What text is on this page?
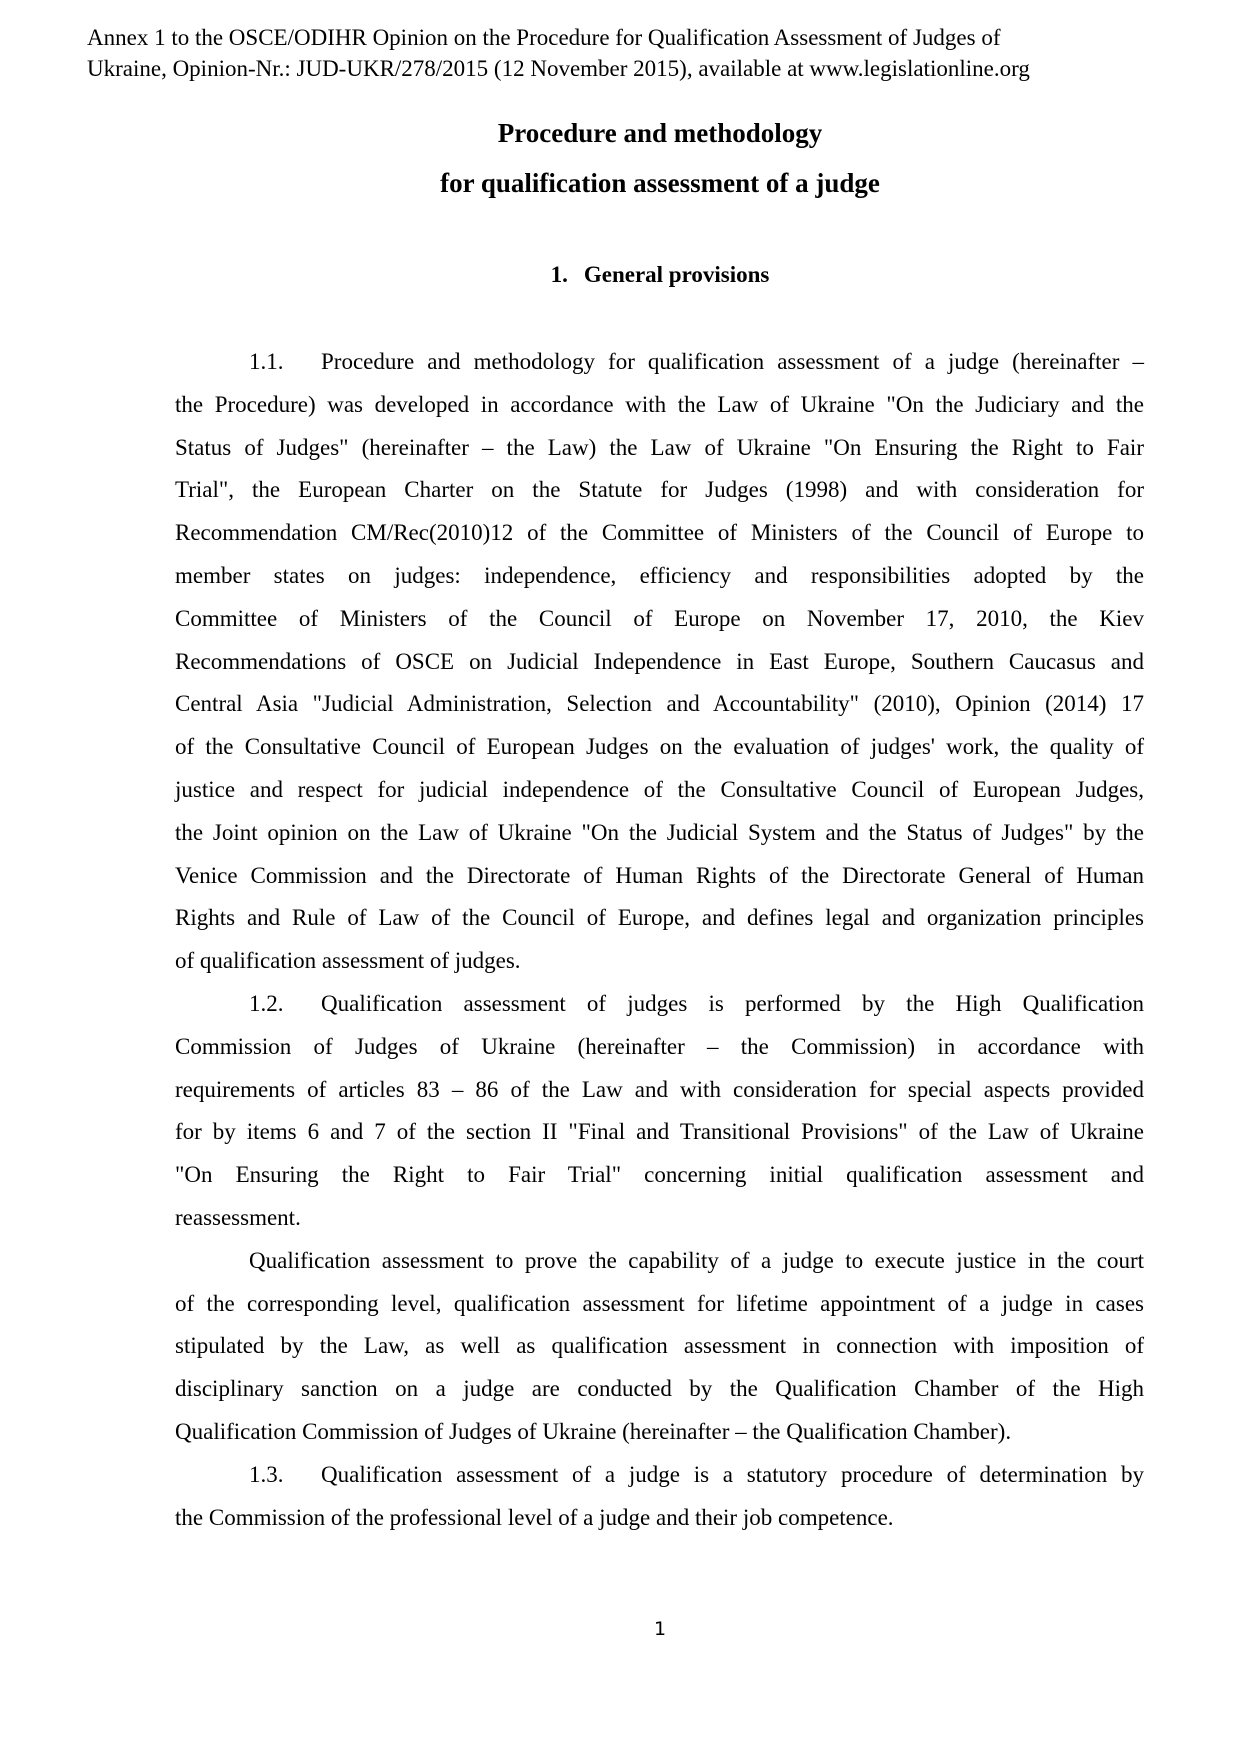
Annex 1 to the OSCE/ODIHR Opinion on the Procedure for Qualification Assessment of Judges of
Ukraine, Opinion-Nr.: JUD-UKR/278/2015 (12 November 2015), available at www.legislationline.org
Procedure and methodology
for qualification assessment of a judge
1. General provisions

1.1. Procedure and methodology for qualification assessment of a judge (hereinafter –
the Procedure) was developed in accordance with the Law of Ukraine "On the Judiciary and the
Status of Judges" (hereinafter – the Law) the Law of Ukraine "On Ensuring the Right to Fair
Trial", the European Charter on the Statute for Judges (1998) and with consideration for
Recommendation CM/Rec(2010)12 of the Committee of Ministers of the Council of Europe to
member states on judges: independence, efficiency and responsibilities adopted by the
Committee of Ministers of the Council of Europe on November 17, 2010, the Kiev
Recommendations of OSCE on Judicial Independence in East Europe, Southern Caucasus and
Central Asia "Judicial Administration, Selection and Accountability" (2010), Opinion (2014) 17
of the Consultative Council of European Judges on the evaluation of judges' work, the quality of
justice and respect for judicial independence of the Consultative Council of European Judges,
the Joint opinion on the Law of Ukraine "On the Judicial System and the Status of Judges" by the
Venice Commission and the Directorate of Human Rights of the Directorate General of Human
Rights and Rule of Law of the Council of Europe, and defines legal and organization principles
of qualification assessment of judges.

1.2. Qualification assessment of judges is performed by the High Qualification
Commission of Judges of Ukraine (hereinafter – the Commission) in accordance with
requirements of articles 83 – 86 of the Law and with consideration for special aspects provided
for by items 6 and 7 of the section II "Final and Transitional Provisions" of the Law of Ukraine
"On Ensuring the Right to Fair Trial" concerning initial qualification assessment and
reassessment.

Qualification assessment to prove the capability of a judge to execute justice in the court
of the corresponding level, qualification assessment for lifetime appointment of a judge in cases
stipulated by the Law, as well as qualification assessment in connection with imposition of
disciplinary sanction on a judge are conducted by the Qualification Chamber of the High
Qualification Commission of Judges of Ukraine (hereinafter – the Qualification Chamber).

1.3. Qualification assessment of a judge is a statutory procedure of determination by
the Commission of the professional level of a judge and their job competence.

1
